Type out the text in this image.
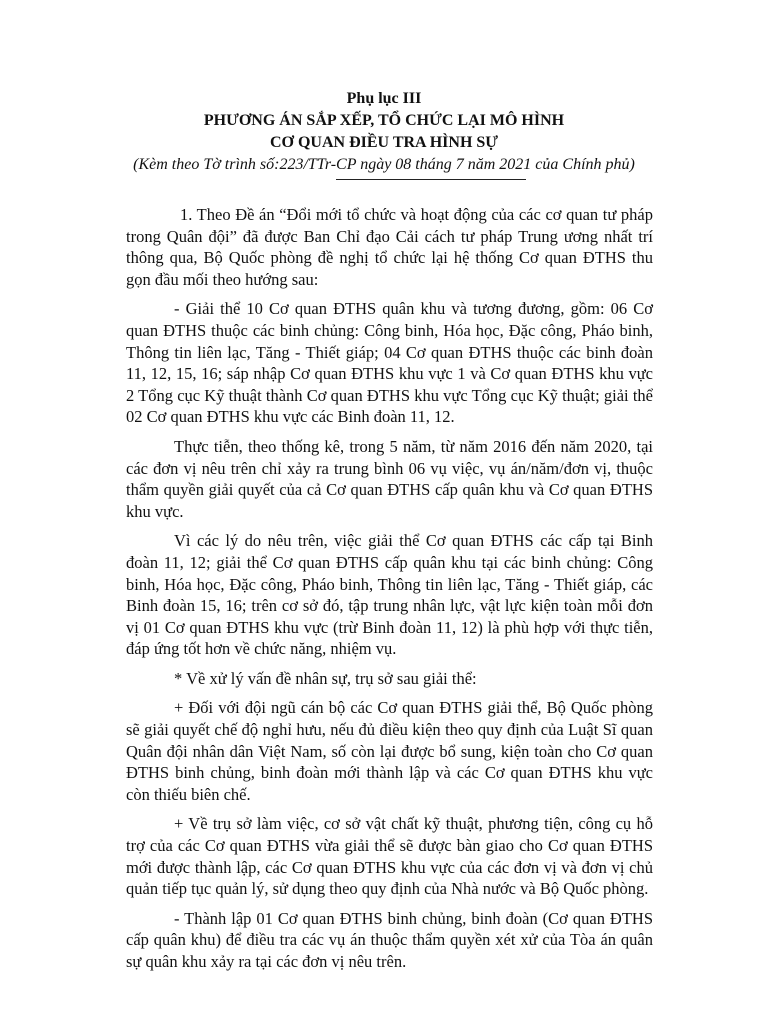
Phụ lục III
PHƯƠNG ÁN SẮP XẾP, TỔ CHỨC LẠI MÔ HÌNH
CƠ QUAN ĐIỀU TRA HÌNH SỰ
(Kèm theo Tờ trình số:223/TTr-CP ngày 08 tháng 7 năm 2021 của Chính phủ)

1. Theo Đề án “Đổi mới tổ chức và hoạt động của các cơ quan tư pháp trong Quân đội” đã được Ban Chỉ đạo Cải cách tư pháp Trung ương nhất trí thông qua, Bộ Quốc phòng đề nghị tổ chức lại hệ thống Cơ quan ĐTHS thu gọn đầu mối theo hướng sau:

- Giải thể 10 Cơ quan ĐTHS quân khu và tương đương, gồm: 06 Cơ quan ĐTHS thuộc các binh chủng: Công binh, Hóa học, Đặc công, Pháo binh, Thông tin liên lạc, Tăng - Thiết giáp; 04 Cơ quan ĐTHS thuộc các binh đoàn 11, 12, 15, 16; sáp nhập Cơ quan ĐTHS khu vực 1 và Cơ quan ĐTHS khu vực 2 Tổng cục Kỹ thuật thành Cơ quan ĐTHS khu vực Tổng cục Kỹ thuật; giải thể 02 Cơ quan ĐTHS khu vực các Binh đoàn 11, 12.

Thực tiễn, theo thống kê, trong 5 năm, từ năm 2016 đến năm 2020, tại các đơn vị nêu trên chỉ xảy ra trung bình 06 vụ việc, vụ án/năm/đơn vị, thuộc thẩm quyền giải quyết của cả Cơ quan ĐTHS cấp quân khu và Cơ quan ĐTHS khu vực.

Vì các lý do nêu trên, việc giải thể Cơ quan ĐTHS các cấp tại Binh đoàn 11, 12; giải thể Cơ quan ĐTHS cấp quân khu tại các binh chủng: Công binh, Hóa học, Đặc công, Pháo binh, Thông tin liên lạc, Tăng - Thiết giáp, các Binh đoàn 15, 16; trên cơ sở đó, tập trung nhân lực, vật lực kiện toàn mỗi đơn vị 01 Cơ quan ĐTHS khu vực (trừ Binh đoàn 11, 12) là phù hợp với thực tiễn, đáp ứng tốt hơn về chức năng, nhiệm vụ.

* Về xử lý vấn đề nhân sự, trụ sở sau giải thể:

+ Đối với đội ngũ cán bộ các Cơ quan ĐTHS giải thể, Bộ Quốc phòng sẽ giải quyết chế độ nghỉ hưu, nếu đủ điều kiện theo quy định của Luật Sĩ quan Quân đội nhân dân Việt Nam, số còn lại được bổ sung, kiện toàn cho Cơ quan ĐTHS binh chủng, binh đoàn mới thành lập và các Cơ quan ĐTHS khu vực còn thiếu biên chế.

+ Về trụ sở làm việc, cơ sở vật chất kỹ thuật, phương tiện, công cụ hỗ trợ của các Cơ quan ĐTHS vừa giải thể sẽ được bàn giao cho Cơ quan ĐTHS mới được thành lập, các Cơ quan ĐTHS khu vực của các đơn vị và đơn vị chủ quản tiếp tục quản lý, sử dụng theo quy định của Nhà nước và Bộ Quốc phòng.

- Thành lập 01 Cơ quan ĐTHS binh chủng, binh đoàn (Cơ quan ĐTHS cấp quân khu) để điều tra các vụ án thuộc thẩm quyền xét xử của Tòa án quân sự quân khu xảy ra tại các đơn vị nêu trên.
